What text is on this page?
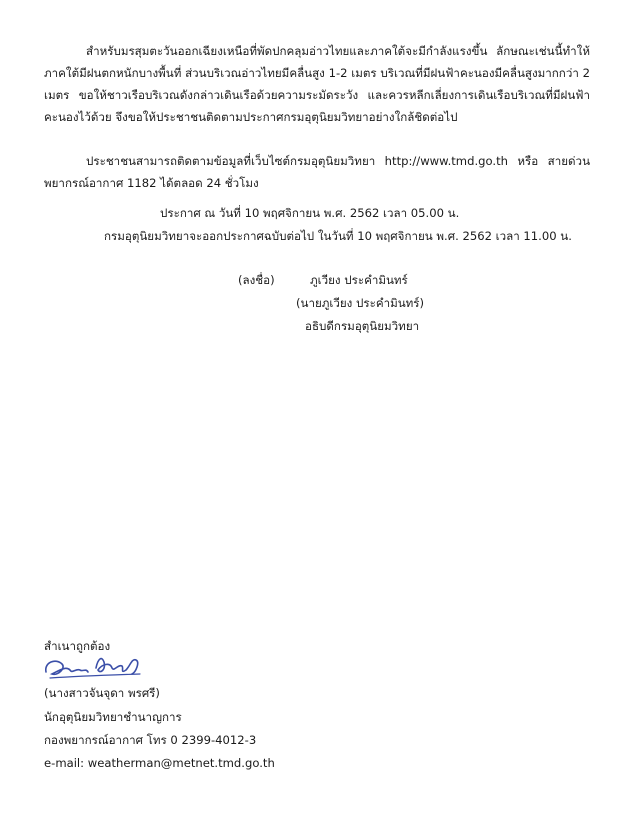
สำหรับมรสุมตะวันออกเฉียงเหนือที่พัดปกคลุมอ่าวไทยและภาคใต้จะมีกำลังแรงขึ้น ลักษณะเช่นนี้ทำให้ภาคใต้มีฝนตกหนักบางพื้นที่ ส่วนบริเวณอ่าวไทยมีคลื่นสูง 1-2 เมตร บริเวณที่มีฝนฟ้าคะนองมีคลื่นสูงมากกว่า 2 เมตร ขอให้ชาวเรือบริเวณดังกล่าวเดินเรือด้วยความระมัดระวัง และควรหลีกเลี่ยงการเดินเรือบริเวณที่มีฝนฟ้าคะนองไว้ด้วย จึงขอให้ประชาชนติดตามประกาศกรมอุตุนิยมวิทยาอย่างใกล้ชิดต่อไป
ประชาชนสามารถติดตามข้อมูลที่เว็บไซต์กรมอุตุนิยมวิทยา http://www.tmd.go.th หรือ สายด่วนพยากรณ์อากาศ 1182 ได้ตลอด 24 ชั่วโมง
ประกาศ ณ วันที่ 10 พฤศจิกายน พ.ศ. 2562 เวลา 05.00 น.
กรมอุตุนิยมวิทยาจะออกประกาศฉบับต่อไป ในวันที่ 10 พฤศจิกายน พ.ศ. 2562 เวลา 11.00 น.
(ลงชื่อ)	ภูเวียง ประคำมินทร์
(นายภูเวียง ประคำมินทร์)
อธิบดีกรมอุตุนิยมวิทยา
สำเนาถูกต้อง
(นางสาวจันจุดา พรศรี)
นักอุตุนิยมวิทยาชำนาญการ
กองพยากรณ์อากาศ โทร 0 2399-4012-3
e-mail: weatherman@metnet.tmd.go.th
